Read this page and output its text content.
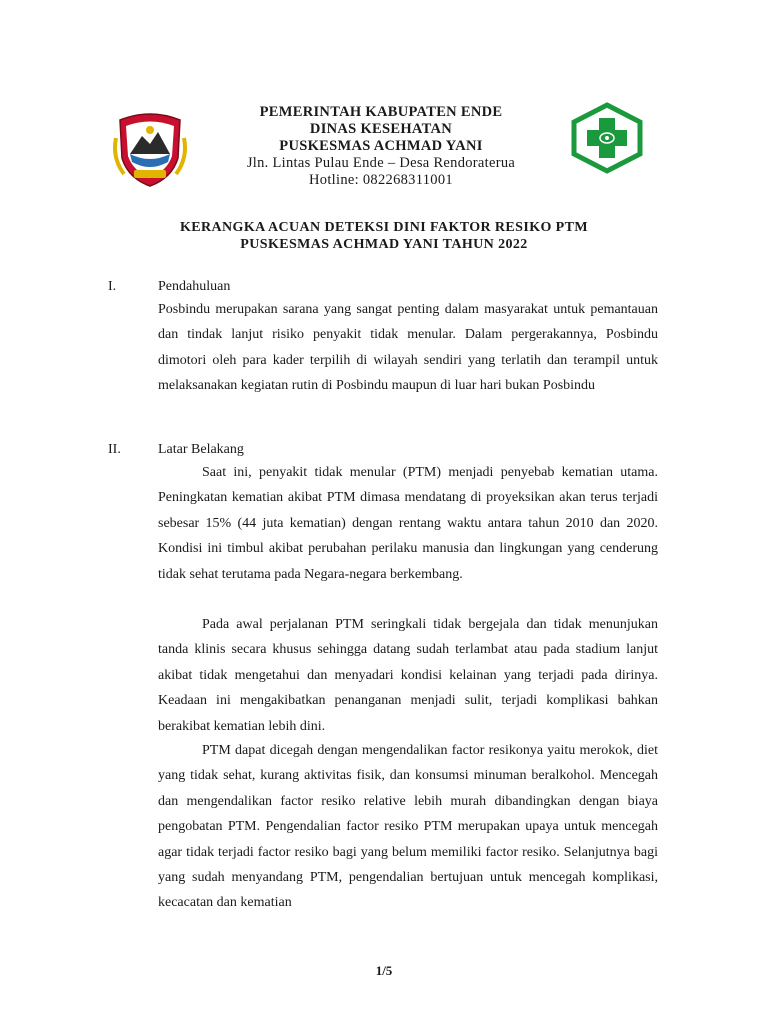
PEMERINTAH KABUPATEN ENDE
DINAS KESEHATAN
PUSKESMAS ACHMAD YANI
Jln. Lintas Pulau Ende – Desa Rendoraterua
Hotline: 082268311001
KERANGKA ACUAN DETEKSI DINI FAKTOR RESIKO PTM
PUSKESMAS ACHMAD YANI TAHUN 2022
I.	Pendahuluan
Posbindu merupakan sarana yang sangat penting dalam masyarakat untuk pemantauan dan tindak lanjut risiko penyakit tidak menular. Dalam pergerakannya, Posbindu dimotori oleh para kader terpilih di wilayah sendiri yang terlatih dan terampil untuk melaksanakan kegiatan rutin di Posbindu maupun di luar hari bukan Posbindu
II.	Latar Belakang
Saat ini, penyakit tidak menular (PTM) menjadi penyebab kematian utama. Peningkatan kematian akibat PTM dimasa mendatang di proyeksikan akan terus terjadi sebesar 15% (44 juta kematian) dengan rentang waktu antara tahun 2010 dan 2020. Kondisi ini timbul akibat perubahan perilaku manusia dan lingkungan yang cenderung tidak sehat terutama pada Negara-negara berkembang.
Pada awal perjalanan PTM seringkali tidak bergejala dan tidak menunjukan tanda klinis secara khusus sehingga datang sudah terlambat atau pada stadium lanjut akibat tidak mengetahui dan menyadari kondisi kelainan yang terjadi pada dirinya. Keadaan ini mengakibatkan penanganan menjadi sulit, terjadi komplikasi bahkan berakibat kematian lebih dini.
PTM dapat dicegah dengan mengendalikan factor resikonya yaitu merokok, diet yang tidak sehat, kurang aktivitas fisik, dan konsumsi minuman beralkohol. Mencegah dan mengendalikan factor resiko relative lebih murah dibandingkan dengan biaya pengobatan PTM. Pengendalian factor resiko PTM merupakan upaya untuk mencegah agar tidak terjadi factor resiko bagi yang belum memiliki factor resiko. Selanjutnya bagi yang sudah menyandang PTM, pengendalian bertujuan untuk mencegah komplikasi, kecacatan dan kematian
1/5
